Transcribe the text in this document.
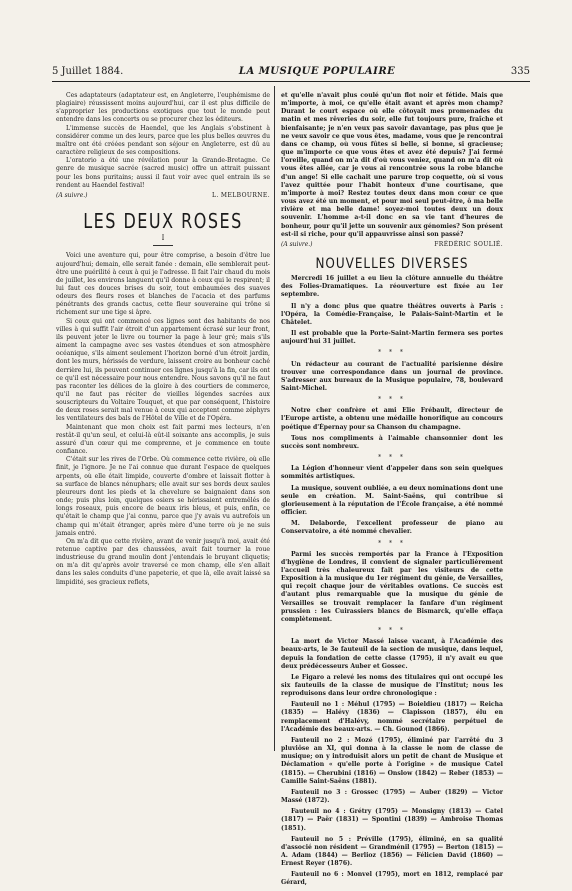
5 Juillet 1884.	LA MUSIQUE POPULAIRE	335

Ces adaptateurs (adaptateur est, en Angleterre, l'euphémisme de plagiaire) réussissent moins aujourd'hui, car il est plus difficile de s'approprier les productions exotiques que tout le monde peut entendre dans les concerts ou se procurer chez les éditeurs.

L'immense succès de Haendel, que les Anglais s'obstinent à considérer comme un des leurs, parce que les plus belles œuvres du maître ont été créées pendant son séjour en Angleterre, est dû au caractère religieux de ses compositions.

L'oratorio a été une révélation pour la Grande-Bretagne. Ce genre de musique sacrée (sacred music) offre un attrait puissant pour les bons puritains; aussi il faut voir avec quel entrain ils se rendent au Haendel festival!

(A suivre.)	L. MELBOURNE.
LES DEUX ROSES
I

Voici une aventure qui, pour être comprise, a besoin d'être lue aujourd'hui; demain, elle serait fanée : demain, elle semblerait peut-être une puérilité à ceux à qui je l'adresse. Il fait l'air chaud du mois de juillet, les environs languent qu'il donne à ceux qui le respirent; il lui faut ces douces brises du soir, tout embaumées des suaves odeurs des fleurs roses et blanches de l'acacia et des parfums pénétrants des grands cactus, cette fleur souveraine qui trône si richement sur une tige si âpre.

Si ceux qui ont commencé ces lignes sont des habitants de nos villes à qui suffit l'air étroit d'un appartement écrasé sur leur front, ils peuvent jeter le livre ou tourner la page à leur gré; mais s'ils aiment la campagne avec ses vastes étendues et son atmosphère océanique, s'ils aiment seulement l'horizon borné d'un étroit jardin, dont les murs, hérissés de verdure, laissent croire au bonheur caché derrière lui, ils peuvent continuer ces lignes jusqu'à la fin, car ils ont ce qu'il est nécessaire pour nous entendre. Nous savons qu'il ne faut pas raconter les délices de la gloire à des courtiers de commerce, qu'il ne faut pas réciter de vieilles légendes sacrées aux souscripteurs du Voltaire Touquet, et que par conséquent, l'histoire de deux roses serait mal venue à ceux qui acceptent comme zéphyrs les ventilateurs des bals de l'Hôtel de Ville et de l'Opéra.

Maintenant que mon choix est fait parmi mes lecteurs, n'en restât-il qu'un seul, et celui-là eût-il soixante ans accomplis, je suis assuré d'un cœur qui me comprenne, et je commence en toute confiance.

C'était sur les rives de l'Orbe. Où commence cette rivière, où elle finit, je l'ignore. Je ne l'ai connue que durant l'espace de quelques arpents, où elle était limpide, couverte d'ombre et laissait flotter à sa surface de blancs nénuphars; elle avait sur ses bords deux saules pleureurs dont les pieds et la chevelure se baignaient dans son onde; puis plus loin, quelques osiers se hérissaient entremêlés de longs roseaux, puis encore de beaux iris bleus, et puis, enfin, ce qu'était le champ que j'ai connu, parce que j'y avais vu autrefois un champ qui m'était étranger, après mère d'une terre où je ne suis jamais entré.

On m'a dit que cette rivière, avant de venir jusqu'à moi, avait été retenue captive par des chaussées, avait fait tourner la roue industrieuse du grand moulin dont j'entendais le bruyant cliquetis; on m'a dit qu'après avoir traversé ce mon champ, elle s'en allait dans les sales conduits d'une papeterie, et que là, elle avait laissé sa limpidité, ses gracieux reflets,

et qu'elle n'avait plus coulé qu'un flot noir et fétide. Mais que m'importe, à moi, ce qu'elle était avant et après mon champ? Durant le court espace où elle côtoyait mes promenades du matin et mes rêveries du soir, elle fut toujours pure, fraîche et bienfaisante; je n'en veux pas savoir davantage, pas plus que je ne veux savoir ce que vous êtes, madame, vous que je rencontrai dans ce champ, où vous fûtes si belle, si bonne, si gracieuse; que m'importe ce que vous êtes et avez été depuis? J'ai fermé l'oreille, quand on m'a dit d'où vous veniez, quand on m'a dit où vous êtes allée, car je vous ai rencontrée sous la robe blanche d'un ange! Si elle cachait une parure trop coquette, où si vous l'avez quittée pour l'habit honteux d'une courtisane, que m'importe à moi? Restez toutes deux dans mon cœur ce que vous avez été un moment, et pour moi seul peut-être, ô ma belle rivière et ma belle dame! soyez-moi toutes deux un doux souvenir. L'homme a-t-il donc en sa vie tant d'heures de bonheur, pour qu'il jette un souvenir aux génomies? Son présent est-il si riche, pour qu'il appauvrisse ainsi son passé?

(A suivre.)	FRÉDÉRIC SOULIÉ.
NOUVELLES DIVERSES

Mercredi 16 juillet a eu lieu la clôture annuelle du théâtre des Folies-Dramatiques. La réouverture est fixée au 1er septembre.

Il n'y a donc plus que quatre théâtres ouverts à Paris : l'Opéra, la Comédie-Française, le Palais-Saint-Martin et le Châtelet.

Il est probable que la Porte-Saint-Martin fermera ses portes aujourd'hui 31 juillet.

* * *

Un rédacteur au courant de l'actualité parisienne désire trouver une correspondance dans un journal de province. S'adresser aux bureaux de la Musique populaire, 78, boulevard Saint-Michel.

* * *

Notre cher confrère et ami Elie Frébault, directeur de l'Europe artiste, a obtenu une médaille honorifique au concours poétique d'Épernay pour sa Chanson du champagne.

Tous nos compliments à l'aimable chansonnier dont les succès sont nombreux.

* * *

La Légion d'honneur vient d'appeler dans son sein quelques sommités artistiques.

La musique, souvent oubliée, a eu deux nominations dont une seule en création. M. Saint-Saëns, qui contribue si glorieusement à la réputation de l'École française, a été nommé officier.

M. Delaborde, l'excellent professeur de piano au Conservatoire, a été nommé chevalier.

* * *

Parmi les succès remportés par la France à l'Exposition d'hygiène de Londres, il convient de signaler particulièrement l'accueil très chaleureux fait par les visiteurs de cette Exposition à la musique du 1er régiment du génie, de Versailles, qui reçoit chaque jour de véritables ovations. Ce succès est d'autant plus remarquable que la musique du génie de Versailles se trouvait remplacer la fanfare d'un régiment prussien : les Cuirassiers blancs de Bismarck, qu'elle effaça complètement.

* * *

La mort de Victor Massé laisse vacant, à l'Académie des beaux-arts, le 3e fauteuil de la section de musique, dans lequel, depuis la fondation de cette classe (1795), il n'y avait eu que deux prédécesseurs Auber et Gossec.

Le Figaro a relevé les noms des titulaires qui ont occupé les six fauteuils de la classe de musique de l'Institut; nous les reproduisons dans leur ordre chronologique :

Fauteuil no 1 : Méhul (1795) — Boieldieu (1817) — Reicha (1835) — Halévy (1836) — Clapisson (1857), élu en remplacement d'Halévy, nommé secrétaire perpétuel de l'Académie des beaux-arts. — Ch. Gounod (1866).

Fauteuil no 2 : Mozé (1795), éliminé par l'arrêté du 3 pluviôse an XI, qui donna à la classe le nom de classe de musique; on y introduisit alors un petit de chant de Musique et Déclamation « qu'elle porte à l'origine » de musique Catel (1815). — Cherubini (1816) — Onslow (1842) — Reber (1853) — Camille Saint-Saëns (1881).

Fauteuil no 3 : Grossec (1795) — Auber (1829) — Victor Massé (1872).

Fauteuil no 4 : Grétry (1795) — Monsigny (1813) — Catel (1817) — Paër (1831) — Spontini (1839) — Ambroise Thomas (1851).

Fauteuil no 5 : Préville (1795), éliminé, en sa qualité d'associé non résident — Grandménil (1795) — Berton (1815) — A. Adam (1844) — Berlioz (1856) — Félicien David (1860) — Ernest Reyer (1876).

Fauteuil no 6 : Monvel (1795), mort en 1812, remplacé par Gérard,
